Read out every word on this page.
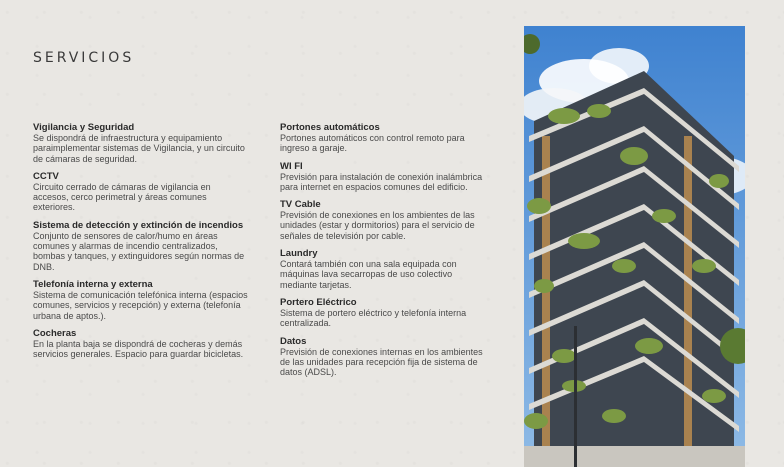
SERVICIOS

Vigilancia y Seguridad

Se dispondrá de infraestructura y equipamiento paraimplementar sistemas de Vigilancia, y un circuito de cámaras de seguridad.

CCTV

Circuito cerrado de cámaras de vigilancia en accesos, cerco perimetral y áreas comunes exteriores.

Sistema de detección y extinción de incendios

Conjunto de sensores de calor/humo en áreas comunes y alarmas de incendio centralizados, bombas y tanques, y extinguidores según normas de DNB.

Telefonía interna y externa

Sistema de comunicación telefónica interna (espacios comunes, servicios y recepción) y externa (telefonía urbana de aptos.).

Cocheras

En la planta baja se dispondrá de cocheras y demás servicios generales. Espacio para guardar bicicletas.

Portones automáticos

Portones automáticos con control remoto para ingreso a garaje.

WI FI

Previsión para instalación de conexión inalámbrica para internet en espacios comunes del edificio.

TV Cable

Previsión de conexiones en los ambientes de las unidades (estar y dormitorios) para el servicio de señales de televisión por cable.

Laundry

Contará también con una sala equipada con máquinas lava secarropas de uso colectivo mediante tarjetas.

Portero Eléctrico

Sistema de portero eléctrico y telefonía interna centralizada.

Datos

Previsión de conexiones internas en los ambientes de las unidades para recepción fija de sistema de datos (ADSL).
